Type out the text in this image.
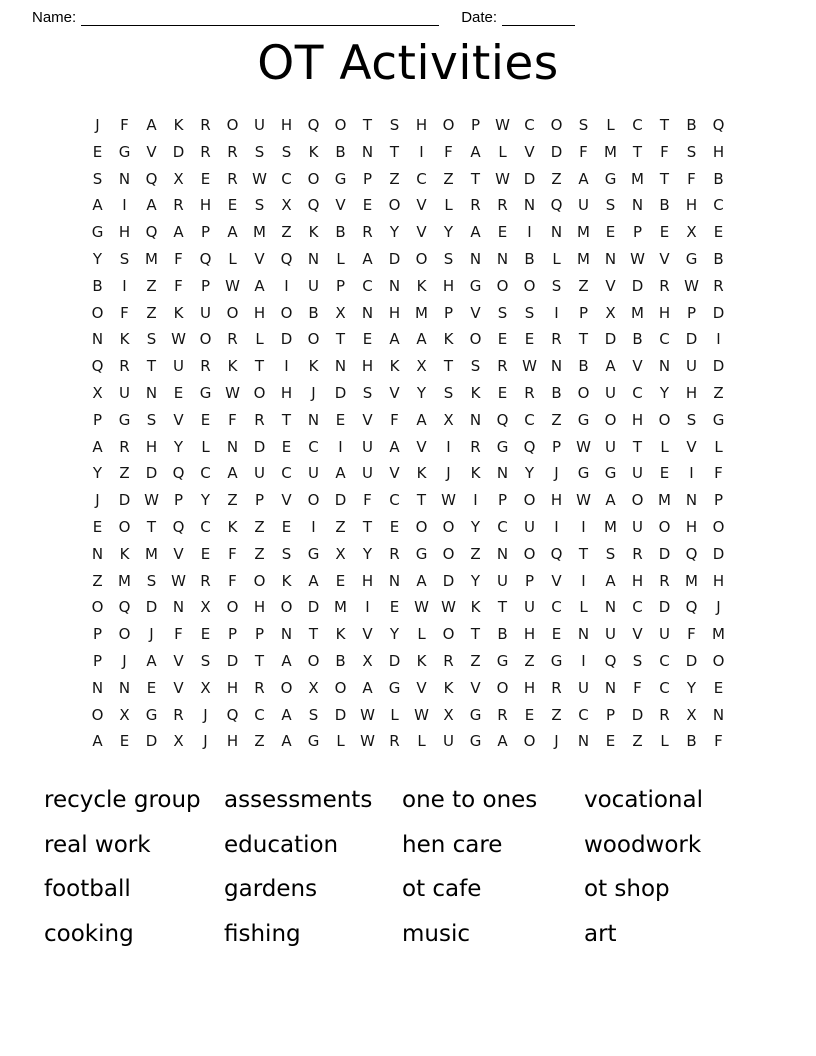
Name:	Date:
OT Activities
J	F	A	K	R	O	U	H	Q	O	T	S	H	O	P	W C	O	S	L	C	T	B	Q
E	G	V	D	R	R	S	S	K	B	N	T	I	F	A	L	V	D	F	M	T	F	S	H
S	N	Q	X	E	R W C	O	G	P	Z	C	Z	T	W D	Z	A	G M	T	F	B
A	I	A	R	H	E	S	X	Q	V	E	O	V	L	R	R	N	Q	U	S	N	B	H	C
G	H	Q	A	P	A	M	Z	K	B	R	Y	V	Y	A	E	I	N M	E	P	E	X	E
Y	S	M	F	Q	L	V	Q	N	L	A	D	O	S	N	N	B	L	M N W V	G	B
B	I	Z	F	P	W A	I	U	P	C	N	K	H	G	O	O	S	Z	V	D	R W R
O	F	Z	K	U	O	H	O	B	X	N	H M	P	V	S	S	I	P	X	M H	P	D
N	K	S W O	R	L	D	O	T	E	A	A	K	O	E	E	R	T	D	B	C	D	I
Q	R	T	U	R	K	T	I	K	N	H	K	X	T	S	R W N	B	A	V	N	U	D
X	U	N	E	G W O	H	J	D	S	V	Y	S	K	E	R	B	O	U	C	Y	H	Z
P	G	S	V	E	F	R	T	N	E	V	F	A	X	N	Q	C	Z	G	O	H	O	S	G
A	R	H	Y	L	N	D	E	C	I	U	A	V	I	R	G	Q	P	W U	T	L	V	L
Y	Z	D	Q	C	A	U	C	U	A	U	V	K	J	K	N	Y	J	G	G	U	E	I	F
J	D W	P	Y	Z	P	V	O	D	F	C	T	W	I	P	O	H W A	O M N	P
E	O	T	Q	C	K	Z	E	I	Z	T	E	O	O	Y	C	U	I	I	M	U	O	H	O
N	K	M	V	E	F	Z	S	G	X	Y	R	G	O	Z	N	O	Q	T	S	R	D	Q	D
Z	M	S W R	F	O	K	A	E	H	N	A	D	Y	U	P	V	I	A	H	R	M H
O	Q	D	N	X	O	H	O	D M	I	E W W K	T	U	C	L	N	C	D	Q	J
P	O	J	F	E	P	P	N	T	K	V	Y	L	O	T	B	H	E	N	U	V	U	F	M
P	J	A	V	S	D	T	A	O	B	X	D	K	R	Z	G	Z	G	I	Q	S	C	D	O
N	N	E	V	X	H	R	O	X	O	A	G	V	K	V	O	H	R	U	N	F	C	Y	E
O	X	G	R	J	Q	C	A	S	D W	L	W X	G	R	E	Z	C	P	D	R	X	N
A	E	D	X	J	H	Z	A	G	L	W R	L	U	G	A	O	J	N	E	Z	L	B	F
recycle group	assessments	one to ones	vocational
real work	education	hen care	woodwork
football	gardens	ot cafe	ot shop
cooking	fishing	music	art
